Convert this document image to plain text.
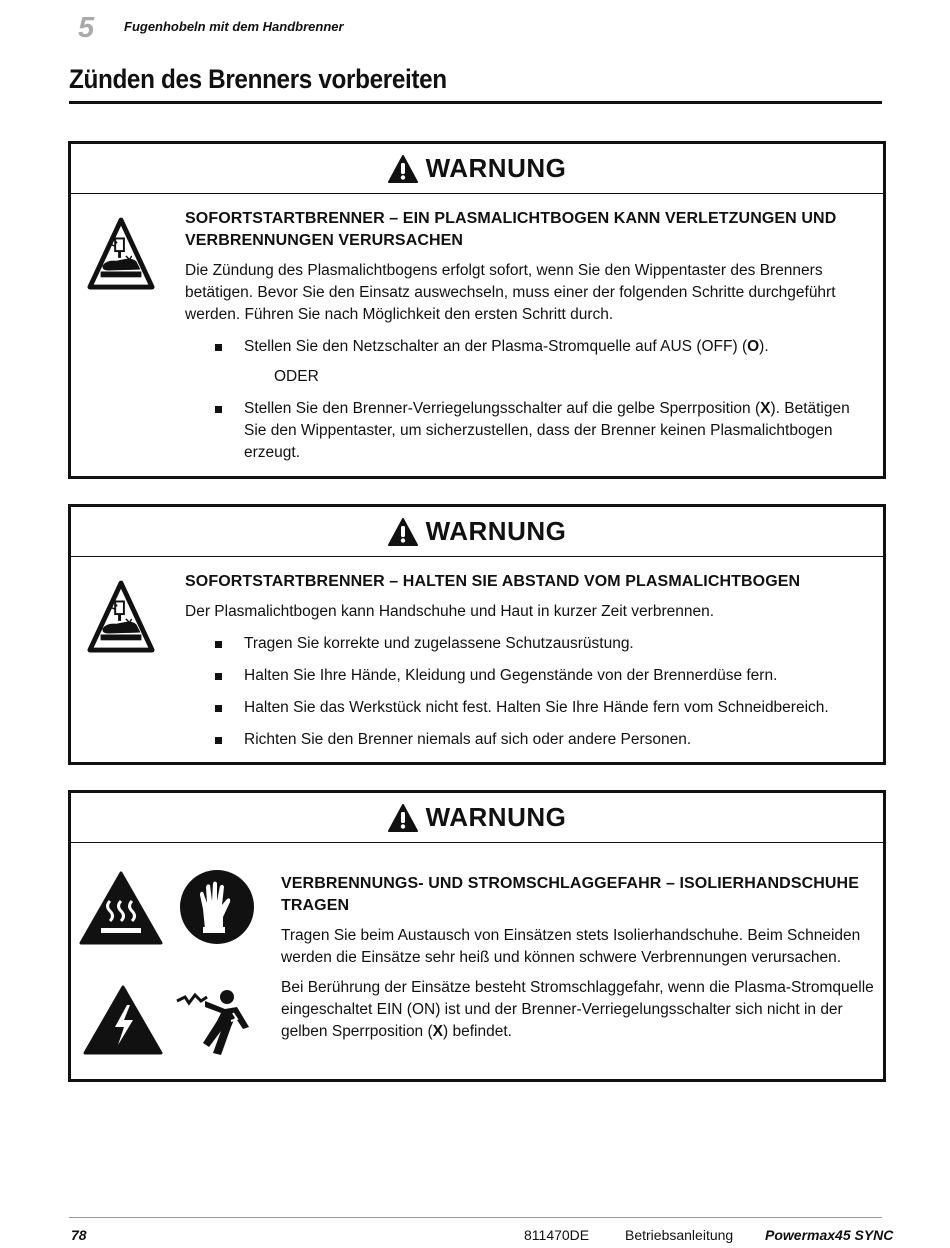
5 Fugenhobeln mit dem Handbrenner
Zünden des Brenners vorbereiten
WARNUNG
SOFORTSTARTBRENNER – EIN PLASMALICHTBOGEN KANN VERLETZUNGEN UND VERBRENNUNGEN VERURSACHEN
Die Zündung des Plasmalichtbogens erfolgt sofort, wenn Sie den Wippentaster des Brenners betätigen. Bevor Sie den Einsatz auswechseln, muss einer der folgenden Schritte durchgeführt werden. Führen Sie nach Möglichkeit den ersten Schritt durch.
Stellen Sie den Netzschalter an der Plasma-Stromquelle auf AUS (OFF) (O).
ODER
Stellen Sie den Brenner-Verriegelungsschalter auf die gelbe Sperrposition (X). Betätigen Sie den Wippentaster, um sicherzustellen, dass der Brenner keinen Plasmalichtbogen erzeugt.
WARNUNG
SOFORTSTARTBRENNER – HALTEN SIE ABSTAND VOM PLASMALICHTBOGEN
Der Plasmalichtbogen kann Handschuhe und Haut in kurzer Zeit verbrennen.
Tragen Sie korrekte und zugelassene Schutzausrüstung.
Halten Sie Ihre Hände, Kleidung und Gegenstände von der Brennerdüse fern.
Halten Sie das Werkstück nicht fest. Halten Sie Ihre Hände fern vom Schneidbereich.
Richten Sie den Brenner niemals auf sich oder andere Personen.
WARNUNG
VERBRENNUNGS- UND STROMSCHLAGGEFAHR – ISOLIERHANDSCHUHE TRAGEN
Tragen Sie beim Austausch von Einsätzen stets Isolierhandschuhe. Beim Schneiden werden die Einsätze sehr heiß und können schwere Verbrennungen verursachen.
Bei Berührung der Einsätze besteht Stromschlaggefahr, wenn die Plasma-Stromquelle eingeschaltet EIN (ON) ist und der Brenner-Verriegelungsschalter sich nicht in der gelben Sperrposition (X) befindet.
78	811470DE	Betriebsanleitung Powermax45 SYNC
